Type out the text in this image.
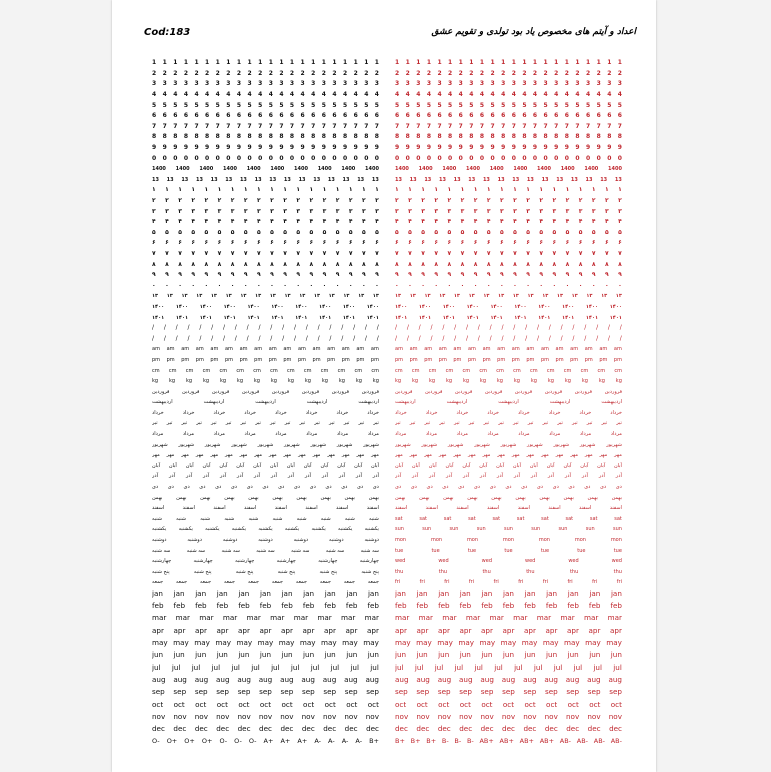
Cod:183	اعداد و آیتم های مخصوص یاد بود تولدی و تقویم عشق
1 1 1 1 1 1 1 1 1 1 1 1 1 1 1 1 1 1 1 1 1 1
2 2 2 2 2 2 2 2 2 2 2 2 2 2 2 2 2 2 2 2 2 2
3 3 3 3 3 3 3 3 3 3 3 3 3 3 3 3 3 3 3 3 3 3
4 4 4 4 4 4 4 4 4 4 4 4 4 4 4 4 4 4 4 4 4 4
5 5 5 5 5 5 5 5 5 5 5 5 5 5 5 5 5 5 5 5 5 5
6 6 6 6 6 6 6 6 6 6 6 6 6 6 6 6 6 6 6 6 6 6
7 7 7 7 7 7 7 7 7 7 7 7 7 7 7 7 7 7 7 7 7 7
8 8 8 8 8 8 8 8 8 8 8 8 8 8 8 8 8 8 8 8 8 8
9 9 9 9 9 9 9 9 9 9 9 9 9 9 9 9 9 9 9 9 9 9
0 0 0 0 0 0 0 0 0 0 0 0 0 0 0 0 0 0 0 0 0 0
1400 1400 1400 1400 1400 1400 1400 1400 1400 1400
13 13 13 13 13 13 13 13 13 13 13 13 13 13 13 13
۱ ۱ ۱ ۱ ۱ ۱ ۱ ۱ ۱ ۱ ۱ ۱ ۱ ۱ ۱ ۱ ۱ ۱
۲ ۲ ۲ ۲ ۲ ۲ ۲ ۲ ۲ ۲ ۲ ۲ ۲ ۲ ۲ ۲ ۲ ۲
۳ ۳ ۳ ۳ ۳ ۳ ۳ ۳ ۳ ۳ ۳ ۳ ۳ ۳ ۳ ۳ ۳ ۳
۴ ۴ ۴ ۴ ۴ ۴ ۴ ۴ ۴ ۴ ۴ ۴ ۴ ۴ ۴ ۴ ۴ ۴
۵ ۵ ۵ ۵ ۵ ۵ ۵ ۵ ۵ ۵ ۵ ۵ ۵ ۵ ۵ ۵ ۵ ۵
۶ ۶ ۶ ۶ ۶ ۶ ۶ ۶ ۶ ۶ ۶ ۶ ۶ ۶ ۶ ۶ ۶ ۶
۷ ۷ ۷ ۷ ۷ ۷ ۷ ۷ ۷ ۷ ۷ ۷ ۷ ۷ ۷ ۷ ۷ ۷
۸ ۸ ۸ ۸ ۸ ۸ ۸ ۸ ۸ ۸ ۸ ۸ ۸ ۸ ۸ ۸ ۸ ۸
۹ ۹ ۹ ۹ ۹ ۹ ۹ ۹ ۹ ۹ ۹ ۹ ۹ ۹ ۹ ۹ ۹ ۹
۰ ۰ ۰ ۰ ۰ ۰ ۰ ۰ ۰ ۰ ۰ ۰ ۰ ۰ ۰ ۰ ۰ ۰
۱۳ ۱۳ ۱۳ ۱۳ ۱۳ ۱۳ ۱۳ ۱۳ ۱۳ ۱۳ ۱۳ ۱۳ ۱۳ ۱۳ ۱۳ ۱۳
۱۴۰۰ ۱۴۰۰ ۱۴۰۰ ۱۴۰۰ ۱۴۰۰ ۱۴۰۰ ۱۴۰۰ ۱۴۰۰ ۱۴۰۰ ۱۴۰۰
۱۴۰۱ ۱۴۰۱ ۱۴۰۱ ۱۴۰۱ ۱۴۰۱ ۱۴۰۱ ۱۴۰۱ ۱۴۰۱ ۱۴۰۱ ۱۴۰۱
/ / / / / / / / / / / / / / / / / / / /
/ / / / / / / / / / / / / / / / / / / /
am am am am am am am am am am am am am am am am
pm pm pm pm pm pm pm pm pm pm pm pm pm pm pm pm
cm cm cm cm cm cm cm cm cm cm cm cm cm cm
kg kg kg kg kg kg kg kg kg kg kg kg kg kg
فروردین	فروردین	فروردین	فروردین	فروردین	فروردین	فروردین	فروردین
اردیبهشت	اردیبهشت	اردیبهشت	اردیبهشت	اردیبهشت
خرداد	خرداد	خرداد	خرداد	خرداد	خرداد	خرداد	خرداد
تیر تیر تیر تیر تیر تیر تیر تیر تیر تیر تیر تیر تیر تیر تیر تیر
مرداد	مرداد	مرداد	مرداد	مرداد	مرداد	مرداد	مرداد
شهریور شهریور شهریور شهریور شهریور شهریور شهریور شهریور شهریور
مهر مهر مهر مهر مهر مهر مهر مهر مهر مهر مهر مهر مهر مهر مهر مهر
آبان آبان آبان آبان آبان آبان آبان آبان آبان آبان آبان آبان آبان آبان
آذر آذر آذر آذر آذر آذر آذر آذر آذر آذر آذر آذر آذر آذر
دی دی دی دی دی دی دی دی دی دی دی دی دی دی دی
بهمن	بهمن	بهمن	بهمن	بهمن	بهمن	بهمن	بهمن	بهمن	بهمن
اسفند	اسفند	اسفند	اسفند	اسفند	اسفند	اسفند	اسفند
شنبه	شنبه	شنبه	شنبه	شنبه	شنبه	شنبه	شنبه	شنبه	شنبه
یکشنبه یکشنبه یکشنبه یکشنبه یکشنبه یکشنبه یکشنبه یکشنبه یکشنبه
دوشنبه	دوشنبه	دوشنبه	دوشنبه	دوشنبه	دوشنبه	دوشنبه
سه شنبه	سه شنبه	سه شنبه	سه شنبه	سه شنبه	سه شنبه	سه شنبه
چهارشنبه	چهارشنبه	چهارشنبه	چهارشنبه	چهارشنبه	چهارشنبه
پنج شنبه	پنج شنبه	پنج شنبه	پنج شنبه	پنج شنبه	پنج شنبه
جمعه	جمعه	جمعه	جمعه	جمعه	جمعه	جمعه	جمعه	جمعه	جمعه
jan jan jan jan jan jan jan jan jan jan jan
feb feb feb feb feb feb feb feb feb feb feb
mar mar mar mar mar mar mar mar mar mar
apr apr apr apr apr apr apr apr apr apr apr
may may may may may may may may may may may
jun jun jun jun jun jun jun jun jun jun jun
jul jul jul jul jul jul jul jul jul jul jul jul
aug aug aug aug aug aug aug aug aug aug aug
sep sep sep sep sep sep sep sep sep sep sep
oct oct oct oct oct oct oct oct oct oct oct
nov nov nov nov nov nov nov nov nov nov nov
dec dec dec dec dec dec dec dec dec dec dec
O- O+ O+ O+ O- O- O- A+ A+ A+ A- A- A- A- B+
1 1 1 1 1 1 1 1 1 1 1 1 1 1 1 1 1 1 1 1 1 1
2 2 2 2 2 2 2 2 2 2 2 2 2 2 2 2 2 2 2 2 2 2
3 3 3 3 3 3 3 3 3 3 3 3 3 3 3 3 3 3 3 3 3 3
4 4 4 4 4 4 4 4 4 4 4 4 4 4 4 4 4 4 4 4 4 4
5 5 5 5 5 5 5 5 5 5 5 5 5 5 5 5 5 5 5 5 5 5
6 6 6 6 6 6 6 6 6 6 6 6 6 6 6 6 6 6 6 6 6 6
7 7 7 7 7 7 7 7 7 7 7 7 7 7 7 7 7 7 7 7 7 7
8 8 8 8 8 8 8 8 8 8 8 8 8 8 8 8 8 8 8 8 8 8
9 9 9 9 9 9 9 9 9 9 9 9 9 9 9 9 9 9 9 9 9 9
0 0 0 0 0 0 0 0 0 0 0 0 0 0 0 0 0 0 0 0 0 0
1400 1400 1400 1400 1400 1400 1400 1400 1400 1400
13 13 13 13 13 13 13 13 13 13 13 13 13 13 13 13
۱ ۱ ۱ ۱ ۱ ۱ ۱ ۱ ۱ ۱ ۱ ۱ ۱ ۱ ۱ ۱ ۱ ۱
۲ ۲ ۲ ۲ ۲ ۲ ۲ ۲ ۲ ۲ ۲ ۲ ۲ ۲ ۲ ۲ ۲ ۲
۳ ۳ ۳ ۳ ۳ ۳ ۳ ۳ ۳ ۳ ۳ ۳ ۳ ۳ ۳ ۳ ۳ ۳
۴ ۴ ۴ ۴ ۴ ۴ ۴ ۴ ۴ ۴ ۴ ۴ ۴ ۴ ۴ ۴ ۴ ۴
۵ ۵ ۵ ۵ ۵ ۵ ۵ ۵ ۵ ۵ ۵ ۵ ۵ ۵ ۵ ۵ ۵ ۵
۶ ۶ ۶ ۶ ۶ ۶ ۶ ۶ ۶ ۶ ۶ ۶ ۶ ۶ ۶ ۶ ۶ ۶
۷ ۷ ۷ ۷ ۷ ۷ ۷ ۷ ۷ ۷ ۷ ۷ ۷ ۷ ۷ ۷ ۷ ۷
۸ ۸ ۸ ۸ ۸ ۸ ۸ ۸ ۸ ۸ ۸ ۸ ۸ ۸ ۸ ۸ ۸ ۸
۹ ۹ ۹ ۹ ۹ ۹ ۹ ۹ ۹ ۹ ۹ ۹ ۹ ۹ ۹ ۹ ۹ ۹
۰ ۰ ۰ ۰ ۰ ۰ ۰ ۰ ۰ ۰ ۰ ۰ ۰ ۰ ۰ ۰ ۰ ۰
۱۳ ۱۳ ۱۳ ۱۳ ۱۳ ۱۳ ۱۳ ۱۳ ۱۳ ۱۳ ۱۳ ۱۳ ۱۳ ۱۳ ۱۳ ۱۳
۱۴۰۰ ۱۴۰۰ ۱۴۰۰ ۱۴۰۰ ۱۴۰۰ ۱۴۰۰ ۱۴۰۰ ۱۴۰۰ ۱۴۰۰ ۱۴۰۰
۱۴۰۱ ۱۴۰۱ ۱۴۰۱ ۱۴۰۱ ۱۴۰۱ ۱۴۰۱ ۱۴۰۱ ۱۴۰۱ ۱۴۰۱ ۱۴۰۱
/ / / / / / / / / / / / / / / / / / / /
/ / / / / / / / / / / / / / / / / / / /
am am am am am am am am am am am am am am am am
pm pm pm pm pm pm pm pm pm pm pm pm pm pm pm pm
cm cm cm cm cm cm cm cm cm cm cm cm cm cm
kg kg kg kg kg kg kg kg kg kg kg kg kg kg
فروردین	فروردین	فروردین	فروردین	فروردین	فروردین	فروردین	فروردین
اردیبهشت	اردیبهشت	اردیبهشت	اردیبهشت	اردیبهشت
خرداد	خرداد	خرداد	خرداد	خرداد	خرداد	خرداد	خرداد
تیر تیر تیر تیر تیر تیر تیر تیر تیر تیر تیر تیر تیر تیر تیر تیر
مرداد	مرداد	مرداد	مرداد	مرداد	مرداد	مرداد	مرداد
شهریور شهریور شهریور شهریور شهریور شهریور شهریور شهریور شهریور
مهر مهر مهر مهر مهر مهر مهر مهر مهر مهر مهر مهر مهر مهر مهر مهر
آبان آبان آبان آبان آبان آبان آبان آبان آبان آبان آبان آبان آبان آبان
آذر آذر آذر آذر آذر آذر آذر آذر آذر آذر آذر آذر آذر آذر
دی دی دی دی دی دی دی دی دی دی دی دی دی دی دی
بهمن	بهمن	بهمن	بهمن	بهمن	بهمن	بهمن	بهمن	بهمن	بهمن
اسفند	اسفند	اسفند	اسفند	اسفند	اسفند	اسفند	اسفند
sat	sat	sat	sat	sat	sat	sat	sat	sat	sat
sun	sun	sun	sun	sun	sun	sun	sun	sun
mon	mon	mon	mon	mon	mon	mon
tue	tue	tue	tue	tue	tue	tue
wed	wed	wed	wed	wed	wed
thu	thu	thu	thu	thu	thu
fri	fri	fri	fri	fri	fri	fri	fri	fri	fri
jan jan jan jan jan jan jan jan jan jan jan
feb feb feb feb feb feb feb feb feb feb feb
mar mar mar mar mar mar mar mar mar mar
apr apr apr apr apr apr apr apr apr apr apr
may may may may may may may may may may may
jun jun jun jun jun jun jun jun jun jun jun
jul jul jul jul jul jul jul jul jul jul jul jul
aug aug aug aug aug aug aug aug aug aug aug
sep sep sep sep sep sep sep sep sep sep sep
oct oct oct oct oct oct oct oct oct oct oct
nov nov nov nov nov nov nov nov nov nov nov
dec dec dec dec dec dec dec dec dec dec dec
B+ B+ B+ B- B- B- AB+ AB+ AB+ AB+ AB- AB- AB- AB-
